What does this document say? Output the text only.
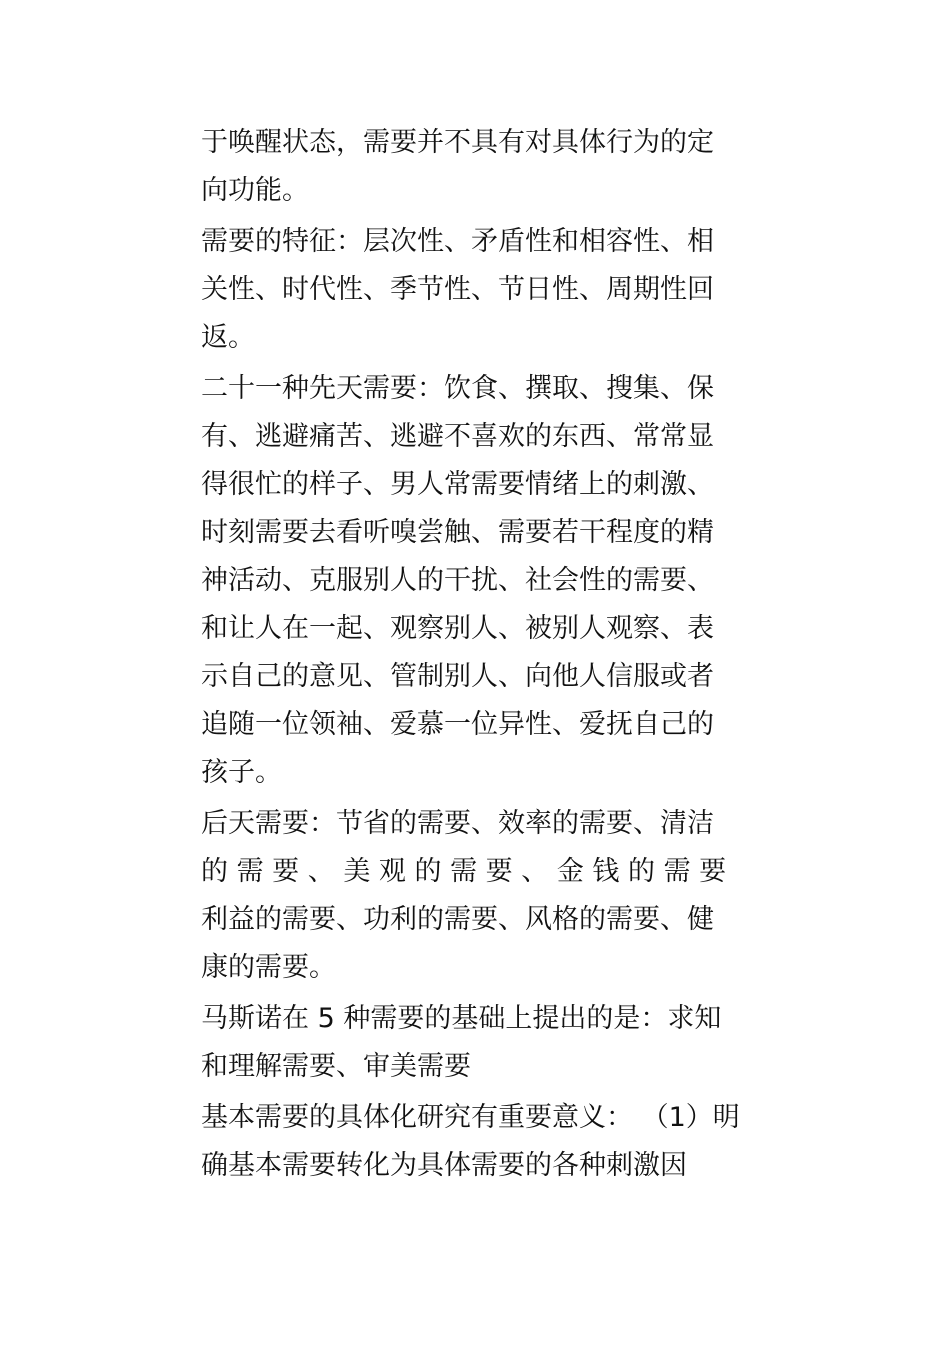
于唤醒状态，需要并不具有对具体行为的定
向功能。
需要的特征：层次性、矛盾性和相容性、相
关性、时代性、季节性、节日性、周期性回
返。
二十一种先天需要：饮食、撰取、搜集、保
有、逃避痛苦、逃避不喜欢的东西、常常显
得很忙的样子、男人常需要情绪上的刺激、
时刻需要去看听嗅尝触、需要若干程度的精
神活动、克服别人的干扰、社会性的需要、
和让人在一起、观察别人、被别人观察、表
示自己的意见、管制别人、向他人信服或者
追随一位领袖、爱慕一位异性、爱抚自己的
孩子。
后天需要：节省的需要、效率的需要、清洁
的 需 要 、 美 观 的 需 要 、 金 钱 的 需 要
利益的需要、功利的需要、风格的需要、健
康的需要。
马斯诺在 5 种需要的基础上提出的是：求知
和理解需要、审美需要
基本需要的具体化研究有重要意义： （1）明
确基本需要转化为具体需要的各种刺激因
